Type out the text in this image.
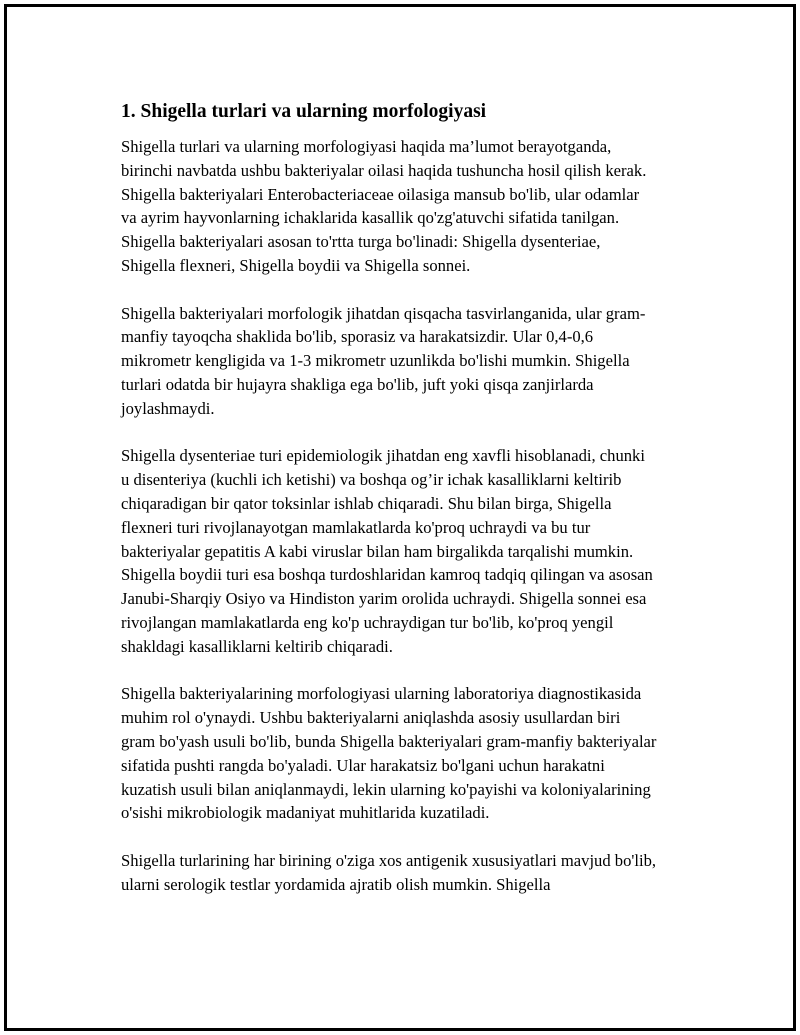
1. Shigella turlari va ularning morfologiyasi

Shigella turlari va ularning morfologiyasi haqida ma’lumot berayotganda, birinchi navbatda ushbu bakteriyalar oilasi haqida tushuncha hosil qilish kerak. Shigella bakteriyalari Enterobacteriaceae oilasiga mansub bo'lib, ular odamlar va ayrim hayvonlarning ichaklarida kasallik qo'zg'atuvchi sifatida tanilgan. Shigella bakteriyalari asosan to'rtta turga bo'linadi: Shigella dysenteriae, Shigella flexneri, Shigella boydii va Shigella sonnei.

Shigella bakteriyalari morfologik jihatdan qisqacha tasvirlanganida, ular gram-manfiy tayoqcha shaklida bo'lib, sporasiz va harakatsizdir. Ular 0,4-0,6 mikrometr kengligida va 1-3 mikrometr uzunlikda bo'lishi mumkin. Shigella turlari odatda bir hujayra shakliga ega bo'lib, juft yoki qisqa zanjirlarda joylashmaydi.

Shigella dysenteriae turi epidemiologik jihatdan eng xavfli hisoblanadi, chunki u disenteriya (kuchli ich ketishi) va boshqa og’ir ichak kasalliklarni keltirib chiqaradigan bir qator toksinlar ishlab chiqaradi. Shu bilan birga, Shigella flexneri turi rivojlanayotgan mamlakatlarda ko'proq uchraydi va bu tur bakteriyalar gepatitis A kabi viruslar bilan ham birgalikda tarqalishi mumkin. Shigella boydii turi esa boshqa turdoshlaridan kamroq tadqiq qilingan va asosan Janubi-Sharqiy Osiyo va Hindiston yarim orolida uchraydi. Shigella sonnei esa rivojlangan mamlakatlarda eng ko'p uchraydigan tur bo'lib, ko'proq yengil shakldagi kasalliklarni keltirib chiqaradi.

Shigella bakteriyalarining morfologiyasi ularning laboratoriya diagnostikasida muhim rol o'ynaydi. Ushbu bakteriyalarni aniqlashda asosiy usullardan biri gram bo'yash usuli bo'lib, bunda Shigella bakteriyalari gram-manfiy bakteriyalar sifatida pushti rangda bo'yaladi. Ular harakatsiz bo'lgani uchun harakatni kuzatish usuli bilan aniqlanmaydi, lekin ularning ko'payishi va koloniyalarining o'sishi mikrobiologik madaniyat muhitlarida kuzatiladi.

Shigella turlarining har birining o'ziga xos antigenik xususiyatlari mavjud bo'lib, ularni serologik testlar yordamida ajratib olish mumkin. Shigella
